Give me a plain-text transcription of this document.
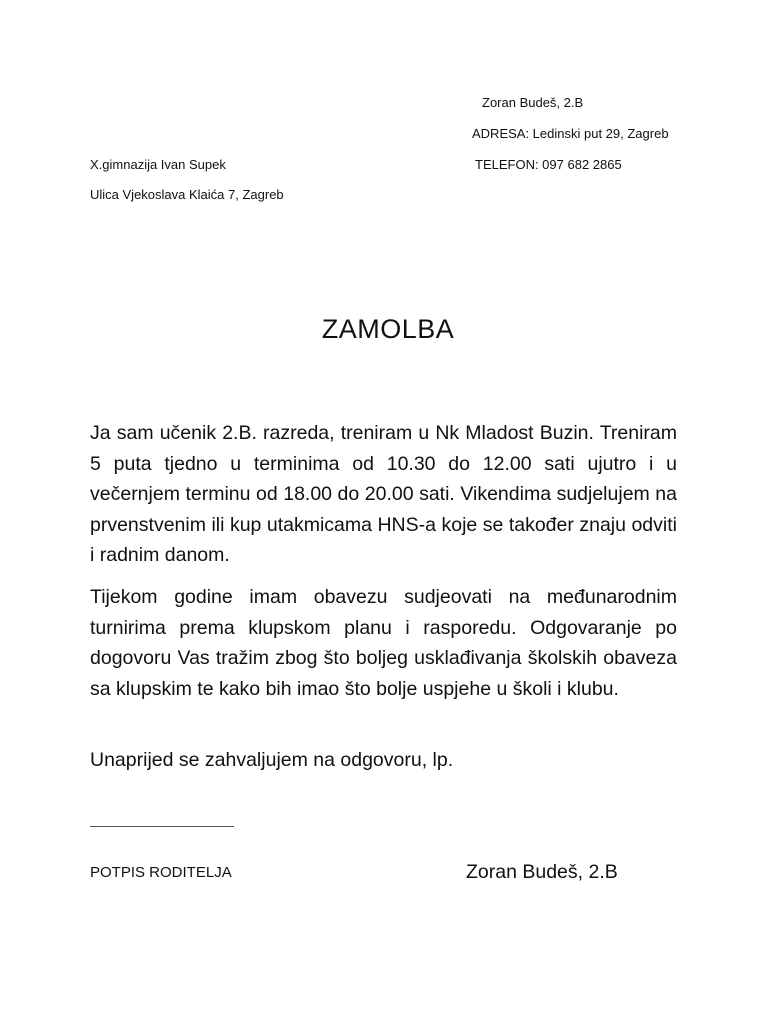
Zoran Budeš, 2.B
ADRESA: Ledinski put 29, Zagreb
TELEFON: 097 682 2865
X.gimnazija Ivan Supek
Ulica Vjekoslava Klaića 7, Zagreb
ZAMOLBA
Ja sam učenik 2.B. razreda, treniram u Nk Mladost Buzin. Treniram 5 puta tjedno u terminima od 10.30 do 12.00 sati ujutro i u večernjem terminu od 18.00 do 20.00 sati. Vikendima sudjelujem na prvenstvenim ili kup utakmicama HNS-a koje se također znaju odviti i radnim danom.
Tijekom godine imam obavezu sudjeovati na međunarodnim turnirima prema klupskom planu i rasporedu. Odgovaranje po dogovoru Vas tražim zbog što boljeg usklađivanja školskih obaveza sa klupskim te kako bih imao što bolje uspjehe u školi i klubu.
Unaprijed se zahvaljujem na odgovoru, lp.
POTPIS RODITELJA	Zoran Budeš, 2.B
